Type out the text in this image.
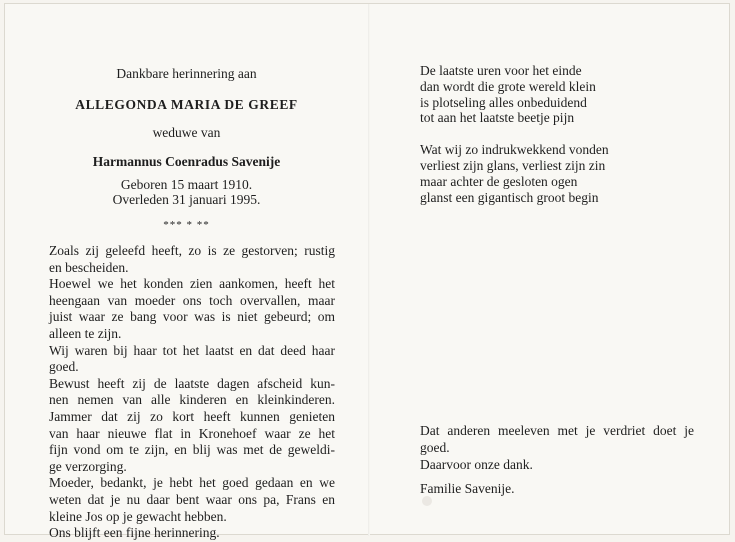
Dankbare herinnering aan
ALLEGONDA MARIA DE GREEF
weduwe van
Harmannus Coenradus Savenije
Geboren 15 maart 1910.
Overleden 31 januari 1995.
*** * **
Zoals zij geleefd heeft, zo is ze gestorven; rustig
en bescheiden.
Hoewel we het konden zien aankomen, heeft het
heengaan van moeder ons toch overvallen, maar
juist waar ze bang voor was is niet gebeurd; om
alleen te zijn.
Wij waren bij haar tot het laatst en dat deed haar
goed.
Bewust heeft zij de laatste dagen afscheid kun-
nen nemen van alle kinderen en kleinkinderen.
Jammer dat zij zo kort heeft kunnen genieten
van haar nieuwe flat in Kronehoef waar ze het
fijn vond om te zijn, en blij was met de geweldi-
ge verzorging.
Moeder, bedankt, je hebt het goed gedaan en we
weten dat je nu daar bent waar ons pa, Frans en
kleine Jos op je gewacht hebben.
Ons blijft een fijne herinnering.
De laatste uren voor het einde
dan wordt die grote wereld klein
is plotseling alles onbeduidend
tot aan het laatste beetje pijn
Wat wij zo indrukwekkend vonden
verliest zijn glans, verliest zijn zin
maar achter de gesloten ogen
glanst een gigantisch groot begin
Dat anderen meeleven met je verdriet doet je
goed.
Daarvoor onze dank.
Familie Savenije.
